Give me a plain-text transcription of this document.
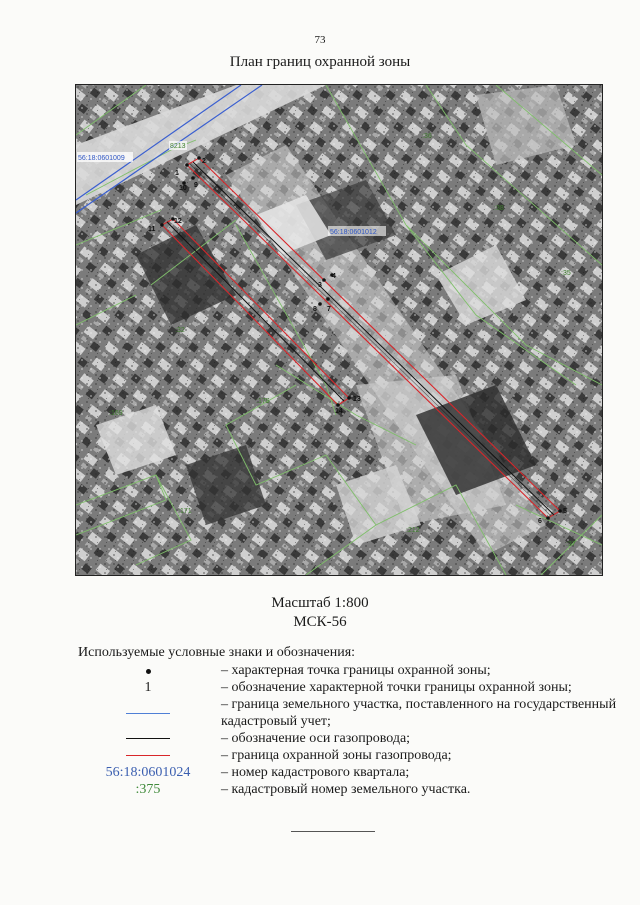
73
План границ охранной зоны
1
2
10 9
12
11
3
4
8 7
13
14
6
5
56:18:0601009
56:18:0601012
8213
:36
:38
:35
:32
:175
:169
:171
:212
:37
Масштаб 1:800
МСК-56
Используемые условные знаки и обозначения:
– характерная точка границы охранной зоны;
1	– обозначение характерной точки границы охранной зоны;
– граница земельного участка, поставленного на государственный кадастровый учет;
– обозначение оси газопровода;
– граница охранной зоны газопровода;
56:18:0601024	– номер кадастрового квартала;
:375	– кадастровый номер земельного участка.
